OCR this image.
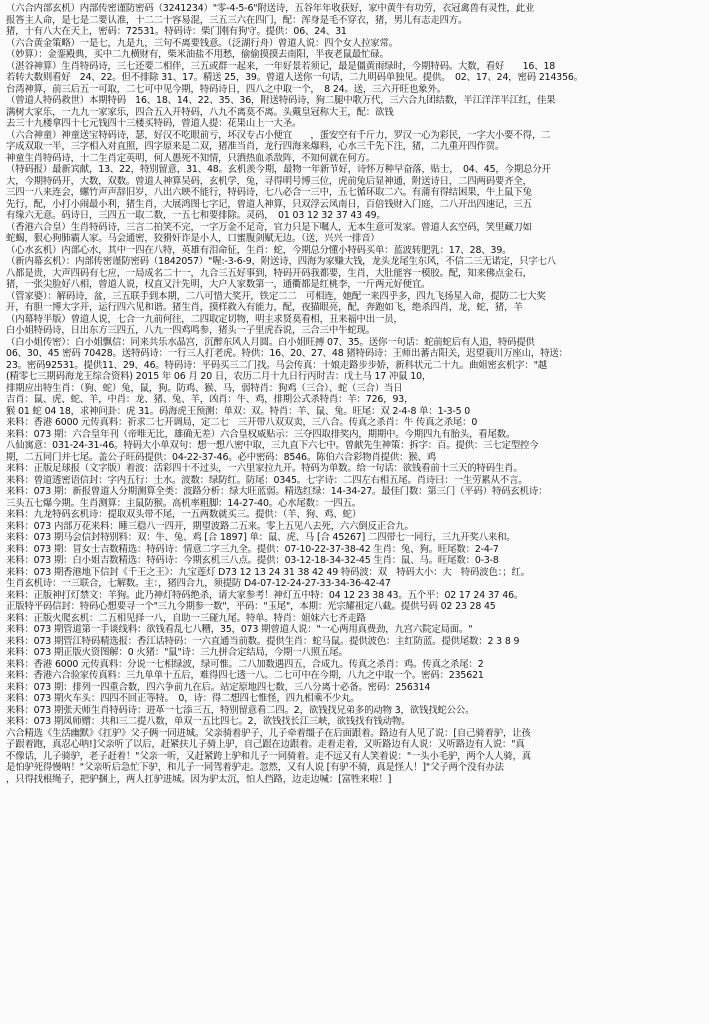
（六合内部玄机）内部传密谨防密码（3241234）"零-4-5-6"附送诗，五谷年年收获好，家中黄牛有功劳，衣冠禽兽有灵性，此业
报答主人命，是七是二要认准，十二二十容易混，三五三六在四门，配：浑身是毛不穿衣，猪，男儿有志走四方。
猪，十有八大在天上，密码：72531。特码诗：柴门刚有狗守。提供：06、24、31
（六合黄金策略）一是七，九是九，三句不离要钱意。（泛湖行舟）曾道人说：四个女人拉家常。
（妙算）：金銮殿典，买中二九横财有，柴米油盐不用愁，偷偷摸摸去南阳，半夜老鼠最忙碌。
（湛谷神算）生肖特码诗，三七还要二相伴，三五或群一起来，一年好景若须记，最是僵黄雨绿时，今期特码。大数，看好　　16、18
若转大数则看好　24、22。但不排除 31、17。精送 25，39。曾道人送你一句话，二九明码单独见。提供。　02、17、24，密码 214356。
台湾神算，前三后五一可取，二七可中见今期，特码诗日，四八之中取一个，　8 24。送，三六开旺也象外。
（曾道人特码救世）本期特码　16、18、14、22、35、36，附送特码诗，狗二腿中歌万代，三六合九团结数，半江洋洋半江红，佳果
满树大家乐，一九九一家家乐，四合五入开特码，八九不离莫不离。头戴皇冠称大王，配：欲钱
去三十九楼拿四十七元钱四十三楼买特码，曾道人提：花果山上一大圣。
（六合神童）神童送宝特码诗，瑟，好汉不吃眼前亏，坏汉专占小便宜　　，蛋安空有千斤力，罗汉一心为彩民，一字大小要不得，二
字成双取一半，三字相入对直照，四字原来是二双，猪准当肖，龙行四海来爆料，心水三千先下注，猪，二九重开四作贺。
神童生肖特码诗，十二生肖定英明，何人愚死不知情，只洒热血杀敌阵，不知何就在何方。
（特码报）最新宾献，13、22，特别留意，31、48。玄机羡今期，最物一年新节好，诗怀万种早奋落，贴士，　04、45，今期总分开
大，今期特码开，大数，双数。曾道人神算吴码，玄机学，兔，寻得明号博三位，虎前兔后显神通，附送诗日，二四两码要齐全，
三四一八来连会，螺竹声声辞旧岁，八出六映不能行，特码诗，七八必合一三中，五七循环取二六。有蒲有得结困果，牛上鼠下兔
先行，配，小打小闹最小利，猪生肖，大展鸿图七字记，曾道人神算，只双浮云凤南日，百倍钱财入门庭，二八开出四速记，三五
有缘六无意。码诗日，三四五一取二数，一五七和要排除。灵码，　01 03 12 32 37 43 49。
（香港六合皇）生肖特码诗，三言二拍笑不完，一字万金不足奇，官力只是下嘱人，无本生意可发家。曾道人玄空码，笑里藏刀如
蛇蝎，狠心狗肺霸人家。马会通密，狡猾奸诈是小人，口蜜腹剑赋无边。（送，兴兴一排音）
（心水玄机）内部心水，其中一四在八特，英雄有泪命征，生肖：蛇，今期总分懂小特码买单：蓝波转肥乳：17、28、39。
（新内幕玄机）：内部传密谨防密码（1842057）"喔:-3-6-9，附送诗，四海为家赚大钱，龙头龙尾生东风，不信二三无诺定，只字七八
八都是贵，大声四码有七应，一局成名二十一，九合三五好事到，特码开码我都要，生肖，大肚能容一模胶。配，知来佛点金石，
猪，一张尖脸好八相，曾道人说，权直又汁先明，大户人家数第一，通衢都是红桃李，一斤两元好便宜。
（管家婆）：解码诗，盆，三五联手到本期，二八可惜大奖开，铁定二二　可相连，她配一来四乎多，四九飞扬星入命，提防二七大奖
开，有胆一博大字开，运行四六见和谐。猪生肖，摸样救入有能力，配，夜猫眼亮，配，奔跑如飞，绝杀四肖，龙，蛇，猪，羊
（内幕特半版）曾道人说，七合一九前何往，二四取定切物，明主求贤莫看相，丑来福中出一员，
白小姐特码诗，日出东方三四五，八九一四鸡鸣参，猪头一子里虎吞说，三合三中牛蛇现。
（白小姐传密）：白小姐飘信：同来共乐水晶宫，沉醉东风人月圆。白小姐旺搏 07、35。送你一句话：蛇前蛇后有人追，特码提供
06、30、45 密码 70428。送特码诗：一行三人打老虎。特供：16、20、27、48 猪特码诗：王师出蕃古阳关，迟望蓑川万座山，特送：
23。密码92531。提供11、29、46。特码诗：平码买三二门找。马会传真：十娘走路步步娇，新科状元二十九。曲姐密玄机字："越
(精零七三期码海龙王综合资料) 2015 年 06 月 20 日，农历二月十九日行丙时吉：戊土马 17 冲鼠 10，
排期应出特生肖：（狗、蛇）兔，鼠，狗。防鸡、猴、马，弱特肖：狗鸡（三合）、蛇（三合）当日
吉肖：鼠、虎、蛇、羊，中肖：龙、猪、兔、羊，凶肖：牛、鸡，排期公式杀特肖：羊：726，93，
猴 01 蛇 04 18，求神问卦：虎 31。码海虎王预测：单双：双。特肖：羊、鼠、兔。旺尾：双 2-4-8 单：1-3-5 0
来料：香港 6000 元传真料：祈求二七开调局，定二七　三开带八双双卖，三八合。传真之杀肖：牛 传真之杀尾：0
来料：073 期：六合皇年刊（帝唯无比，雄确无差）六合皇权威贴示：三夺四取排奖内，期期中。今期四九有胎头，看尾数。
八仙寓意：031-24-31-46。特码大小单双句：想一想八密中取，三九直下六七中。曾献先生神策：拆字：百。提供：三七定型控今
期，二五同门并七尾。盖公子旺码提供：04-22-37-46。必中密码：8546。陈伯六合彩物肖提供：猴、鸡
来料：正版足球报（文字版）着波：活彩四十不过头，一六里家拉九开。特码为单数。给一句话：欲钱看前十三天的特码生肖。
来料：曾道透密语信封：字内五行：土水。波数：绿防红。防尾：0345。七字诗：二四左右相五尾。肖诗曰：一生劳累从不言。
来料：073 期：新报曾道人分期测算全类：波路分析：绿大旺蓝弱。精选红绿：14-34-27。最佳门数：第三门（平码）特码玄机诗：
三头五七爆今期。生肖测算：主鼠防猴。高机率粗脚：14-27-40。心水尾数：一四五。
来料：九龙特码玄机诗：提取双头带不尾，一五两数就买三。提供：（羊、狗、鸡、蛇）
来料：073 内部万花来料：睡三稳八一四开，期望波路二五来。零上五见八去死，六六倒反正合九。
来料：073 期马会信封特别料：双：牛、兔、鸡 [合 1897] 单：鼠、虎、马 [合 45267] 二四带七一同行，三九开奖八来和。
来料：073 期：冒女士吉数精选：特码诗：情意二字三九全。提供：07-10-22-37-38-42 生肖：兔、狗。旺尾数：2-4-7
来料：073 期：白小姐吉数精选：特码诗：今期玄机三八点。提供：03-12-18-34-32-45 生肖：鼠、马。旺尾数：0-3-8
来料：073 期香港地下信封《千王之王》：九宝莲灯 D73 12 13 24 31 38 42 49 特码波：双　特码大小：大　特码波色：；红。
生肖玄机诗：一三联合，七解数。主：，猪四合九，须提防 D4-07-12-24-27-33-34-36-42-47
来料：正版神打灯禁文：羊狗。此乃神灯特码绝杀，请大家参考！神灯五中特：04 12 23 38 43。五个平：02 17 24 37 46。
正版特平码信封：特码心想要寻一个"三九今期参一数"，平码："玉尾"，本期：光宗耀祖定八截。提供号码 02 23 28 45
来料：正版火爬玄机：二五相见择一八，自助一三碰九尾。特单。特肖：姐妹六七齐走路
来料：073 期管道第一手谈线料：欲钱看乱七八糟，35，073 期曾道人说："一心两用真费劲，九宫六院定局面。"
来料：073 期管江特码精选报：香江话特码：一六直通当前数。提供生肖：蛇马鼠。提供波色：主红防蓝。提供尾数：2 3 8 9
来料：073 期正版火资图解：0 火猪："鼠"诗：三九拼合定结局，今期一八照五尾。
来料：香港 6000 元传真料：分说一七相绿波，绿可惟。二八加数遇四五，合成九。传真之杀肖：鸡。传真之杀尾：2
来料：香港六合验家传真料：三九单单十五后，难得四七透一八。二七可中在今期，八九之中取一个。密码：235621
来料：073 期：排列一四重合数，四六争前九在后。站定原地四七数，三八分离十必备。密码：256314
来料：073 期火车头：四四不回正等特。　0，诗：得二想四七惟怪，四九相乘不少丸。
来料：073 期张天师生肖特码诗：进革一七添三五，特别留意看二四。2，欲钱找兄弟多的动物 3，欲钱找蛇公公。
来料：073 期凤师赠：共和三二提八数，单双一五比四七。2，欲钱找长江三峡，欲钱找有钱动物。
六合精选《生活幽默》《扛驴》父子俩一同进城。父亲骑着驴子，儿子牵着缰子在后面跟着。路边有人见了说：[自己骑着驴，让孩
子跟着跑，真忍心呐!]父亲听了以后，赶紧扶儿子骑上驴，自己跟在边跟着。走着走着，又听路边有人说：又听路边有人说："真
不像话，儿子骑驴，老子赶着！"父亲一听，又赶紧跨上驴和儿子一同骑着。走不远又有人笑着说："一头小毛驴，两个人人骑，真
是怕驴死得慢呐！"父亲听后急忙下驴，和儿子一同驾着驴走。忽然，又有人说 [有驴不骑，真是怪人！]"父子两个没有办法
，只得找根绳子，把驴捆上，两人扛驴进城。因为驴太沉，怕人挡路，边走边喊：[富牲来啦！]
